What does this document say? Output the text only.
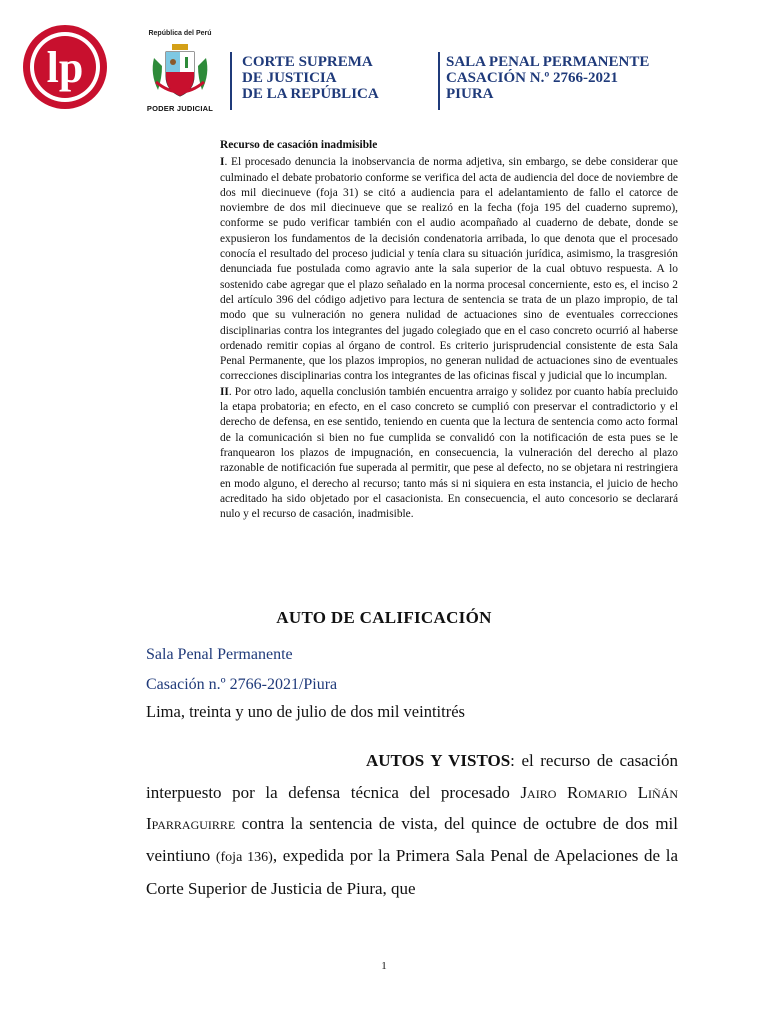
lp
República del Perú
PODER JUDICIAL
CORTE SUPREMA
DE JUSTICIA
DE LA REPÚBLICA
SALA PENAL PERMANENTE
CASACIÓN N.º 2766-2021
PIURA

Recurso de casación inadmisible

I. El procesado denuncia la inobservancia de norma adjetiva, sin embargo, se debe considerar que culminado el debate probatorio conforme se verifica del acta de audiencia del doce de noviembre de dos mil diecinueve (foja 31) se citó a audiencia para el adelantamiento de fallo el catorce de noviembre de dos mil diecinueve que se realizó en la fecha (foja 195 del cuaderno supremo), conforme se pudo verificar también con el audio acompañado al cuaderno de debate, donde se expusieron los fundamentos de la decisión condenatoria arribada, lo que denota que el procesado conocía el resultado del proceso judicial y tenía clara su situación jurídica, asimismo, la trasgresión denunciada fue postulada como agravio ante la sala superior de la cual obtuvo respuesta. A lo sostenido cabe agregar que el plazo señalado en la norma procesal concerniente, esto es, el inciso 2 del artículo 396 del código adjetivo para lectura de sentencia se trata de un plazo impropio, de tal modo que su vulneración no genera nulidad de actuaciones sino de eventuales correcciones disciplinarias contra los integrantes del jugado colegiado que en el caso concreto ocurrió al haberse ordenado remitir copias al órgano de control. Es criterio jurisprudencial consistente de esta Sala Penal Permanente, que los plazos impropios, no generan nulidad de actuaciones sino de eventuales correcciones disciplinarias contra los integrantes de las oficinas fiscal y judicial que lo incumplan.

II. Por otro lado, aquella conclusión también encuentra arraigo y solidez por cuanto había precluido la etapa probatoria; en efecto, en el caso concreto se cumplió con preservar el contradictorio y el derecho de defensa, en ese sentido, teniendo en cuenta que la lectura de sentencia como acto formal de la comunicación si bien no fue cumplida se convalidó con la notificación de esta pues se le franquearon los plazos de impugnación, en consecuencia, la vulneración del derecho al plazo razonable de notificación fue superada al permitir, que pese al defecto, no se objetara ni restringiera en modo alguno, el derecho al recurso; tanto más si ni siquiera en esta instancia, el juicio de hecho acreditado ha sido objetado por el casacionista. En consecuencia, el auto concesorio se declarará nulo y el recurso de casación, inadmisible.

AUTO DE CALIFICACIÓN
Sala Penal Permanente
Casación n.º 2766-2021/Piura
Lima, treinta y uno de julio de dos mil veintitrés

AUTOS Y VISTOS: el recurso de casación interpuesto por la defensa técnica del procesado Jairo Romario Liñán Iparraguirre contra la sentencia de vista, del quince de octubre de dos mil veintiuno (foja 136), expedida por la Primera Sala Penal de Apelaciones de la Corte Superior de Justicia de Piura, que

1
